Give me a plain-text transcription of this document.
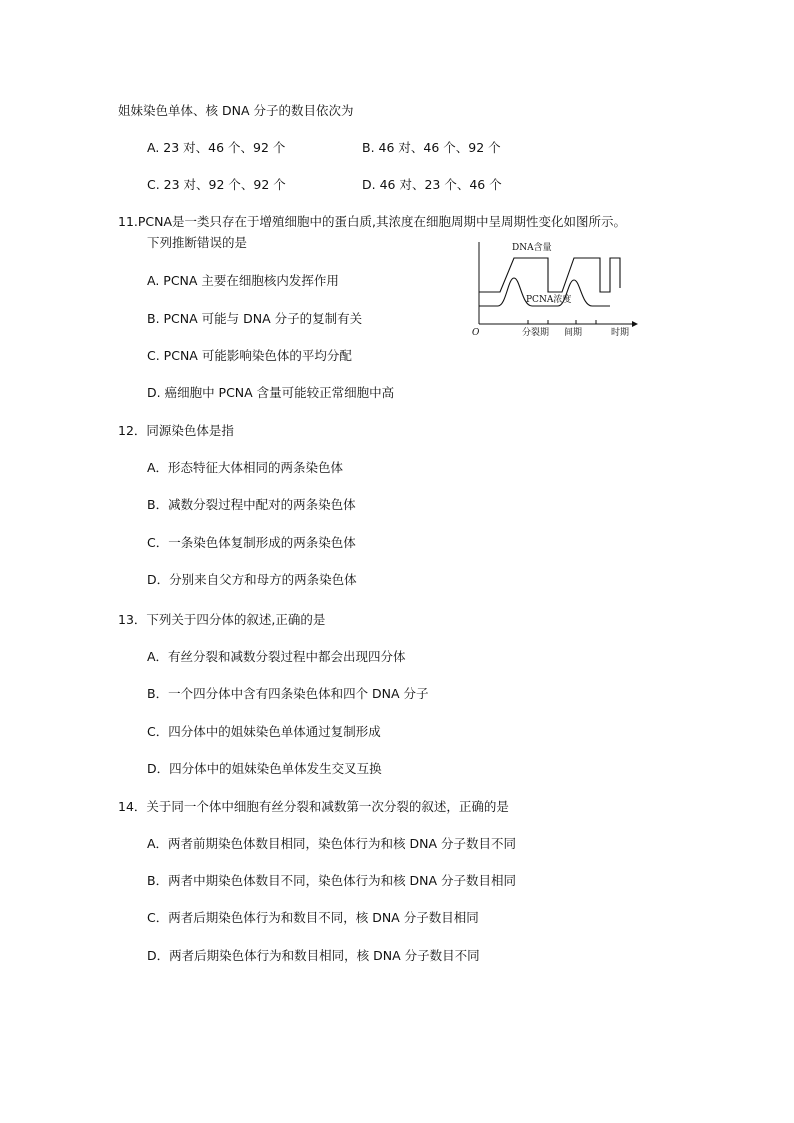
姐妹染色单体、核 DNA 分子的数目依次为
A. 23 对、46 个、92 个	B. 46 对、46 个、92 个
C. 23 对、92 个、92 个	D. 46 对、23 个、46 个
11.PCNA是一类只存在于增殖细胞中的蛋白质,其浓度在细胞周期中呈周期性变化如图所示。
下列推断错误的是
A. PCNA 主要在细胞核内发挥作用
B. PCNA 可能与 DNA 分子的复制有关
C. PCNA 可能影响染色体的平均分配
D. 癌细胞中 PCNA 含量可能较正常细胞中高
DNA含量
PCNA浓度
O	分裂期 间期	时期
12．同源染色体是指
A．形态特征大体相同的两条染色体
B．减数分裂过程中配对的两条染色体
C．一条染色体复制形成的两条染色体
D．分别来自父方和母方的两条染色体
13．下列关于四分体的叙述,正确的是
A．有丝分裂和减数分裂过程中都会出现四分体
B．一个四分体中含有四条染色体和四个 DNA 分子
C．四分体中的姐妹染色单体通过复制形成
D．四分体中的姐妹染色单体发生交叉互换
14．关于同一个体中细胞有丝分裂和减数第一次分裂的叙述，正确的是
A．两者前期染色体数目相同，染色体行为和核 DNA 分子数目不同
B．两者中期染色体数目不同，染色体行为和核 DNA 分子数目相同
C．两者后期染色体行为和数目不同，核 DNA 分子数目相同
D．两者后期染色体行为和数目相同，核 DNA 分子数目不同
